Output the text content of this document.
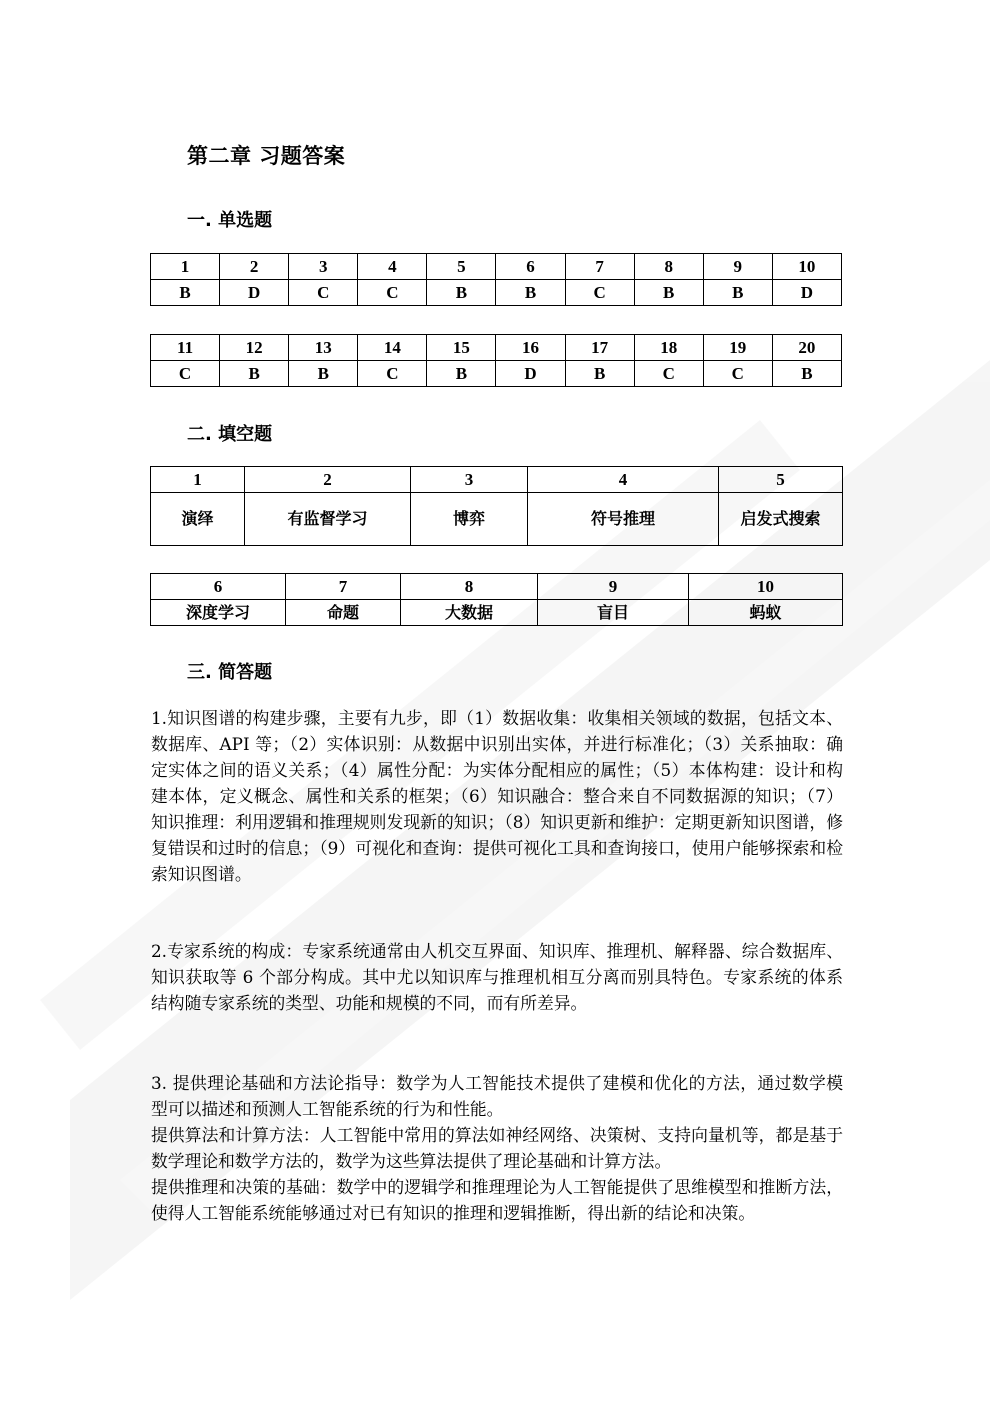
第二章 习题答案
一. 单选题
1	2	3	4	5	6	7	8	9	10
B	D	C	C	B	B	C	B	B	D
11	12	13	14	15	16	17	18	19	20
C	B	B	C	B	D	B	C	C	B
二. 填空题
1	2	3	4	5
演绎	有监督学习	博弈	符号推理	启发式搜索
6	7	8	9	10
深度学习	命题	大数据	盲目	蚂蚁
三. 简答题

1.知识图谱的构建步骤，主要有九步，即（1）数据收集：收集相关领域的数据，包括文本、数据库、API 等；（2）实体识别：从数据中识别出实体，并进行标准化；（3）关系抽取：确定实体之间的语义关系；（4）属性分配：为实体分配相应的属性；（5）本体构建：设计和构建本体，定义概念、属性和关系的框架；（6）知识融合：整合来自不同数据源的知识；（7）知识推理：利用逻辑和推理规则发现新的知识；（8）知识更新和维护：定期更新知识图谱，修复错误和过时的信息；（9）可视化和查询：提供可视化工具和查询接口，使用户能够探索和检索知识图谱。

2.专家系统的构成：专家系统通常由人机交互界面、知识库、推理机、解释器、综合数据库、知识获取等 6 个部分构成。其中尤以知识库与推理机相互分离而别具特色。专家系统的体系结构随专家系统的类型、功能和规模的不同，而有所差异。

3. 提供理论基础和方法论指导：数学为人工智能技术提供了建模和优化的方法，通过数学模型可以描述和预测人工智能系统的行为和性能。

提供算法和计算方法：人工智能中常用的算法如神经网络、决策树、支持向量机等，都是基于数学理论和数学方法的，数学为这些算法提供了理论基础和计算方法。

提供推理和决策的基础：数学中的逻辑学和推理理论为人工智能提供了思维模型和推断方法，使得人工智能系统能够通过对已有知识的推理和逻辑推断，得出新的结论和决策。
